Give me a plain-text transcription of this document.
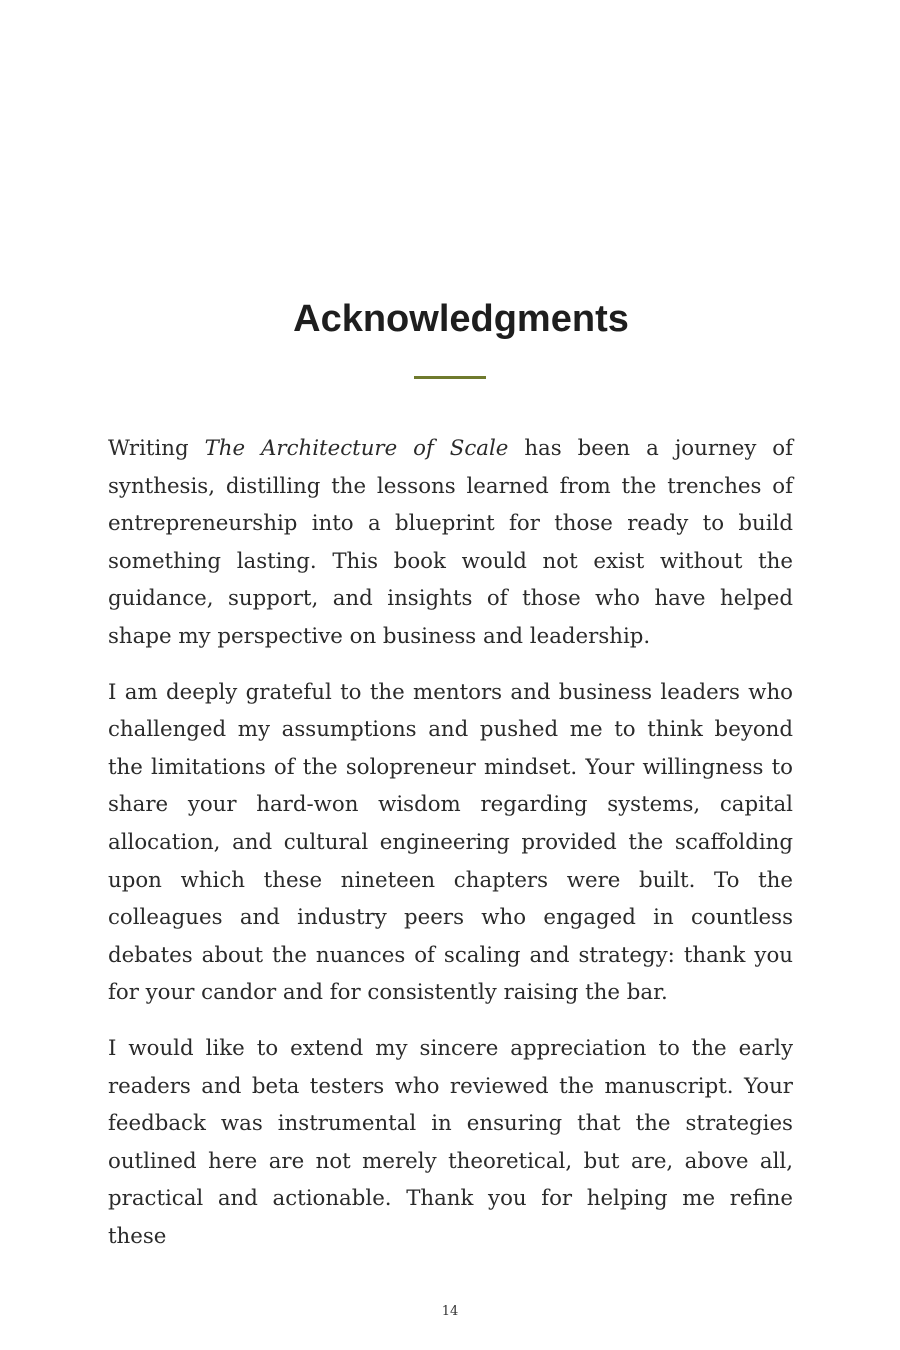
Acknowledgments

Writing The Architecture of Scale has been a journey of synthesis, distilling the lessons learned from the trenches of entrepreneurship into a blueprint for those ready to build something lasting. This book would not exist without the guidance, support, and insights of those who have helped shape my perspective on business and leadership.

I am deeply grateful to the mentors and business leaders who challenged my assumptions and pushed me to think beyond the limitations of the solopreneur mindset. Your willingness to share your hard-won wisdom regarding systems, capital allocation, and cultural engineering provided the scaffolding upon which these nineteen chapters were built. To the colleagues and industry peers who engaged in countless debates about the nuances of scaling and strategy: thank you for your candor and for consistently raising the bar.

I would like to extend my sincere appreciation to the early readers and beta testers who reviewed the manuscript. Your feedback was instrumental in ensuring that the strategies outlined here are not merely theoretical, but are, above all, practical and actionable. Thank you for helping me refine these

14
